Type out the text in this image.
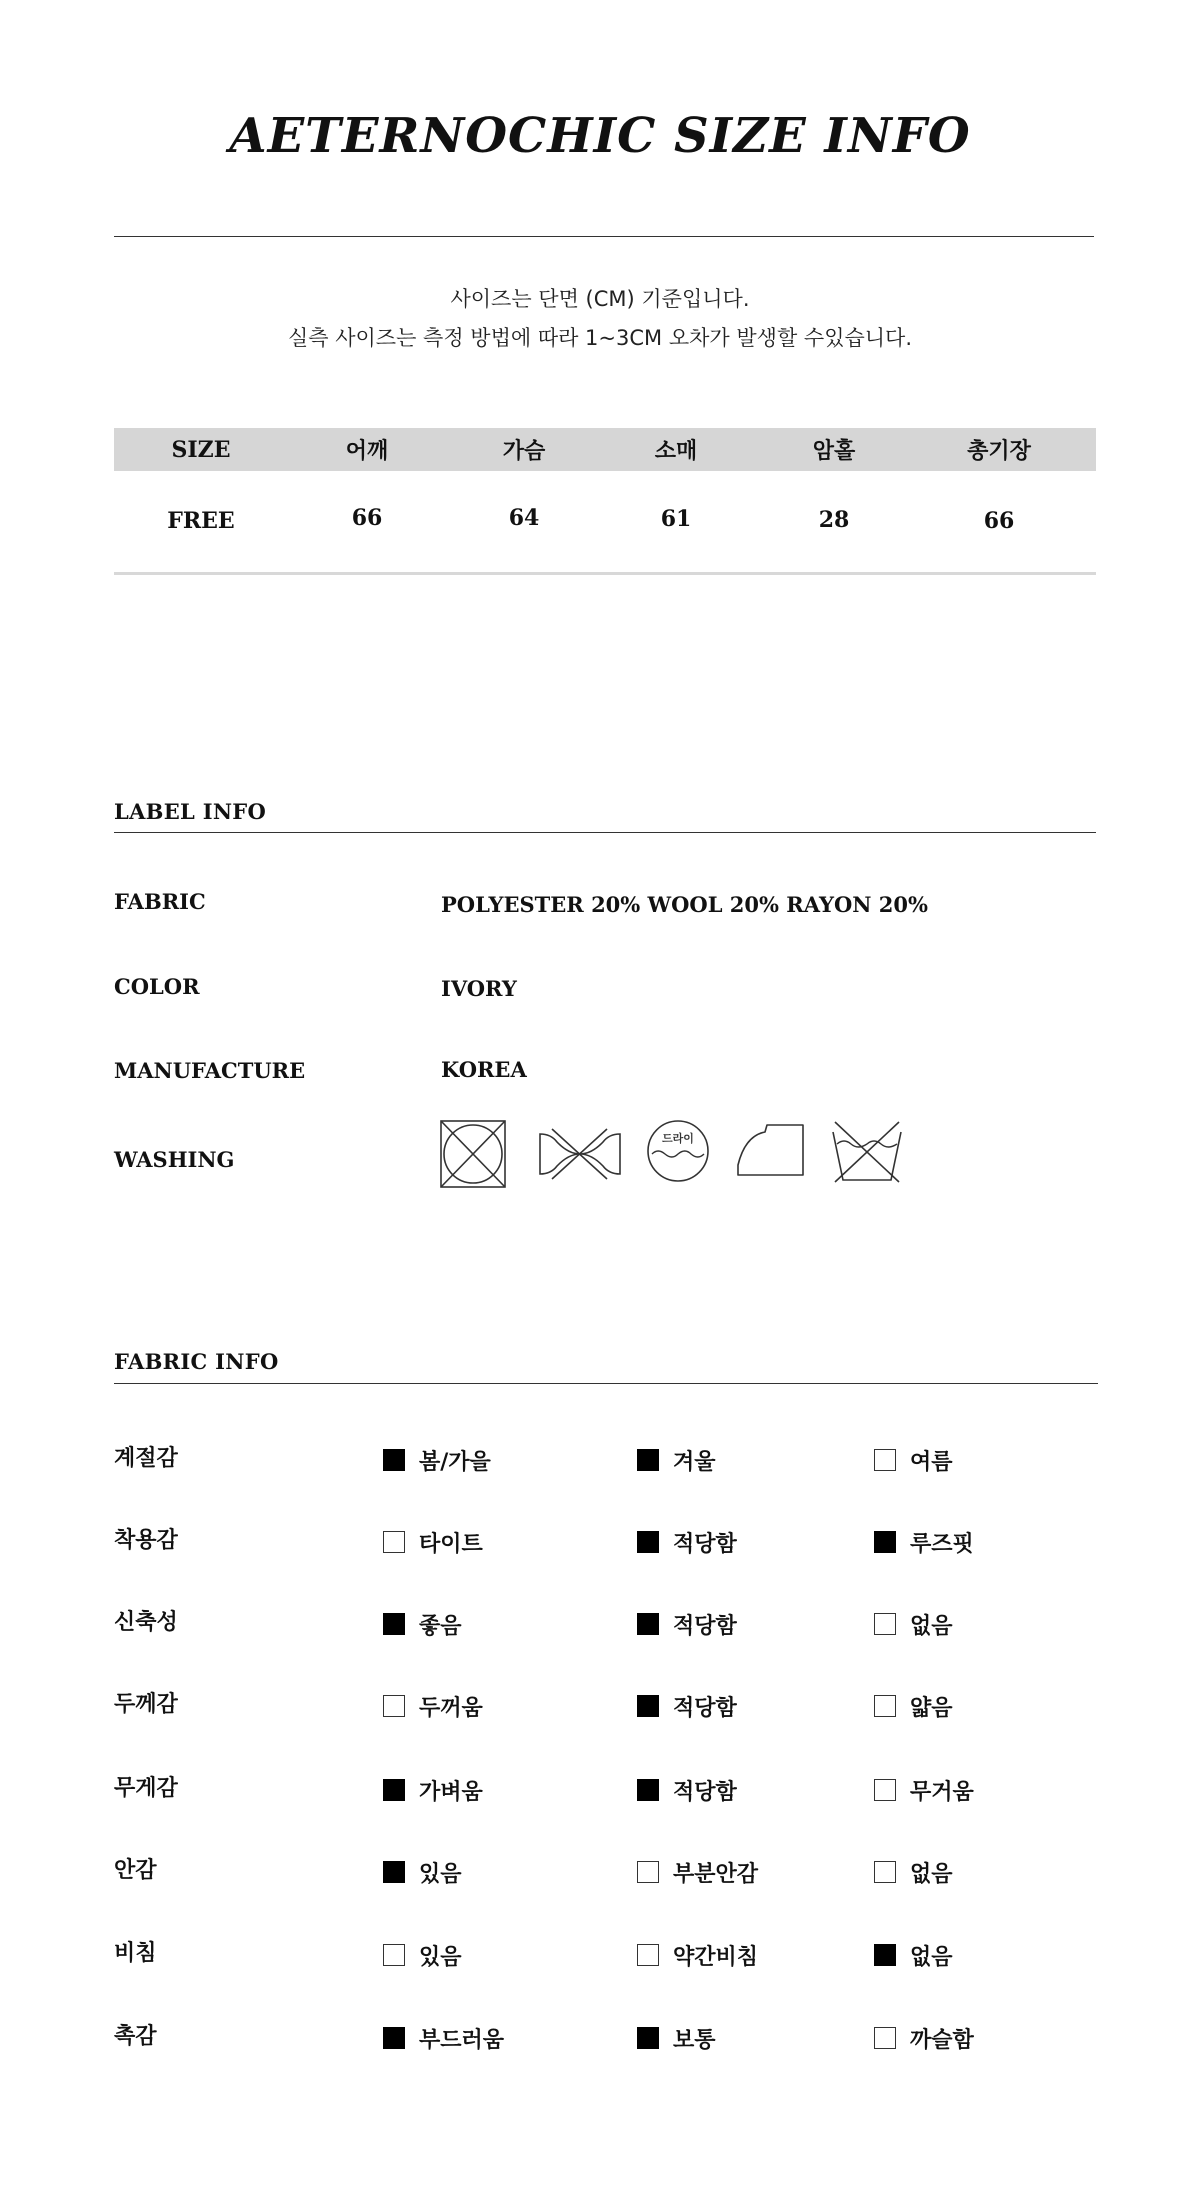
AETERNOCHIC SIZE INFO
사이즈는 단면 (CM) 기준입니다.
실측 사이즈는 측정 방법에 따라 1~3CM 오차가 발생할 수있습니다.
SIZE	어깨	가슴	소매	암홀	총기장
FREE	66	64	61	28	66
LABEL INFO
FABRIC	POLYESTER 20% WOOL 20% RAYON 20%
COLOR	IVORY
MANUFACTURE	KOREA
WASHING
드라이
FABRIC INFO
계절감	봄/가을	겨울	여름
착용감	타이트	적당함	루즈핏
신축성	좋음	적당함	없음
두께감	두꺼움	적당함	얇음
무게감	가벼움	적당함	무거움
안감	있음	부분안감	없음
비침	있음	약간비침	없음
촉감	부드러움	보통	까슬함
